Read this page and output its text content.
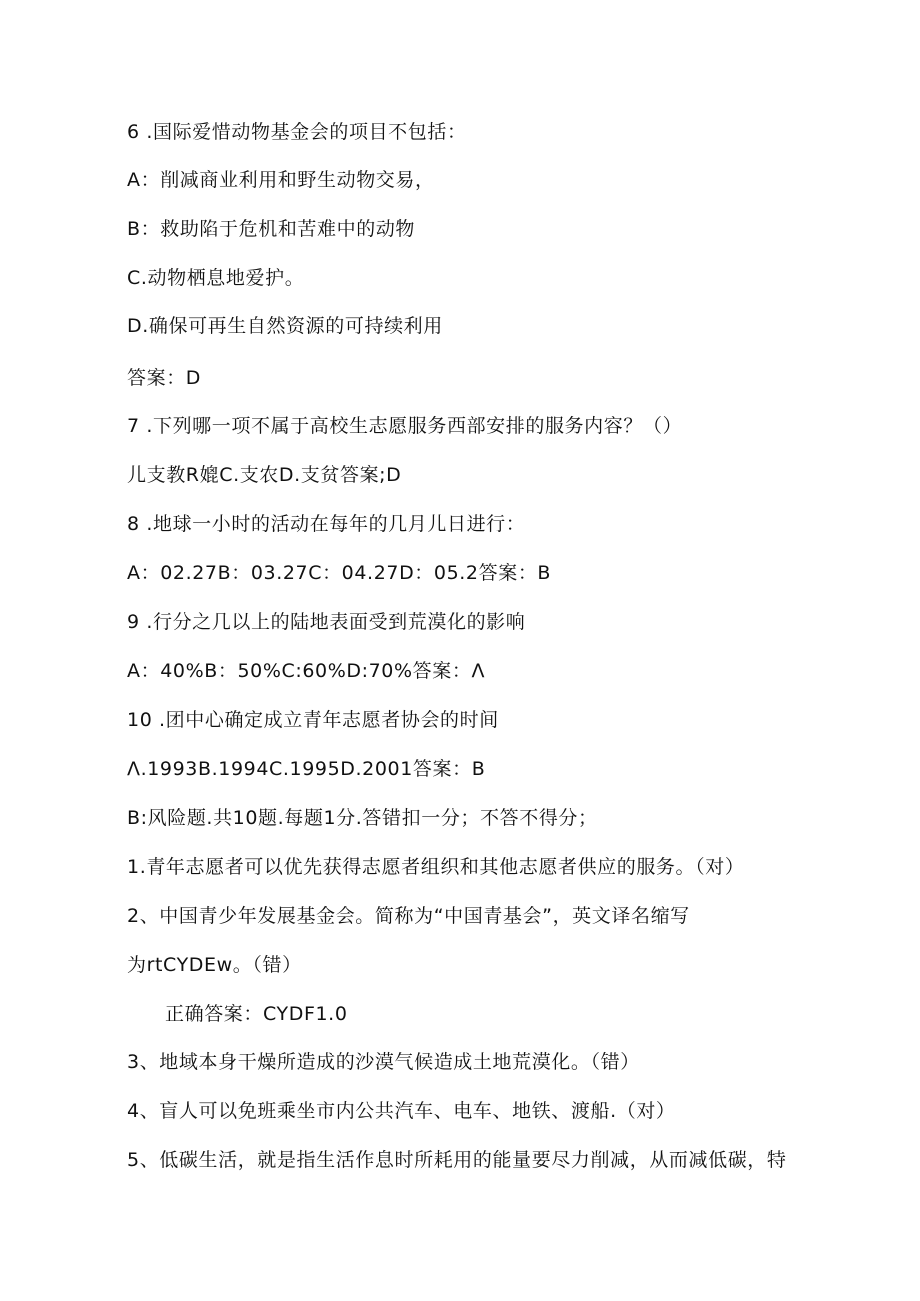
6 .国际爱惜动物基金会的项目不包括：
A：削减商业利用和野生动物交易，
B：救助陷于危机和苦难中的动物
C.动物栖息地爱护。
D.确保可再生自然资源的可持续利用
答案：D
7 .下列哪一项不属于高校生志愿服务西部安排的服务内容？（）
儿支教R媲C.支农D.支贫答案;D
8 .地球一小时的活动在每年的几月儿日进行：
A：02.27B：03.27C：04.27D：05.2答案：B
9 .行分之几以上的陆地表面受到荒漠化的影响
A：40%B：50%C:60%D:70%答案：Λ
10 .团中心确定成立青年志愿者协会的时间
Λ.1993B.1994C.1995D.2001答案：B
B:风险题.共10题.每题1分.答错扣一分；不答不得分；
1.青年志愿者可以优先获得志愿者组织和其他志愿者供应的服务。（对）
2、中国青少年发展基金会。简称为“中国青基会”，英文译名缩写
为rtCYDEw。（错）
正确答案：CYDF1.0
3、地域本身干燥所造成的沙漠气候造成土地荒漠化。（错）
4、盲人可以免班乘坐市内公共汽车、电车、地铁、渡船.（对）
5、低碳生活，就是指生活作息时所耗用的能量要尽力削减，从而减低碳，特
